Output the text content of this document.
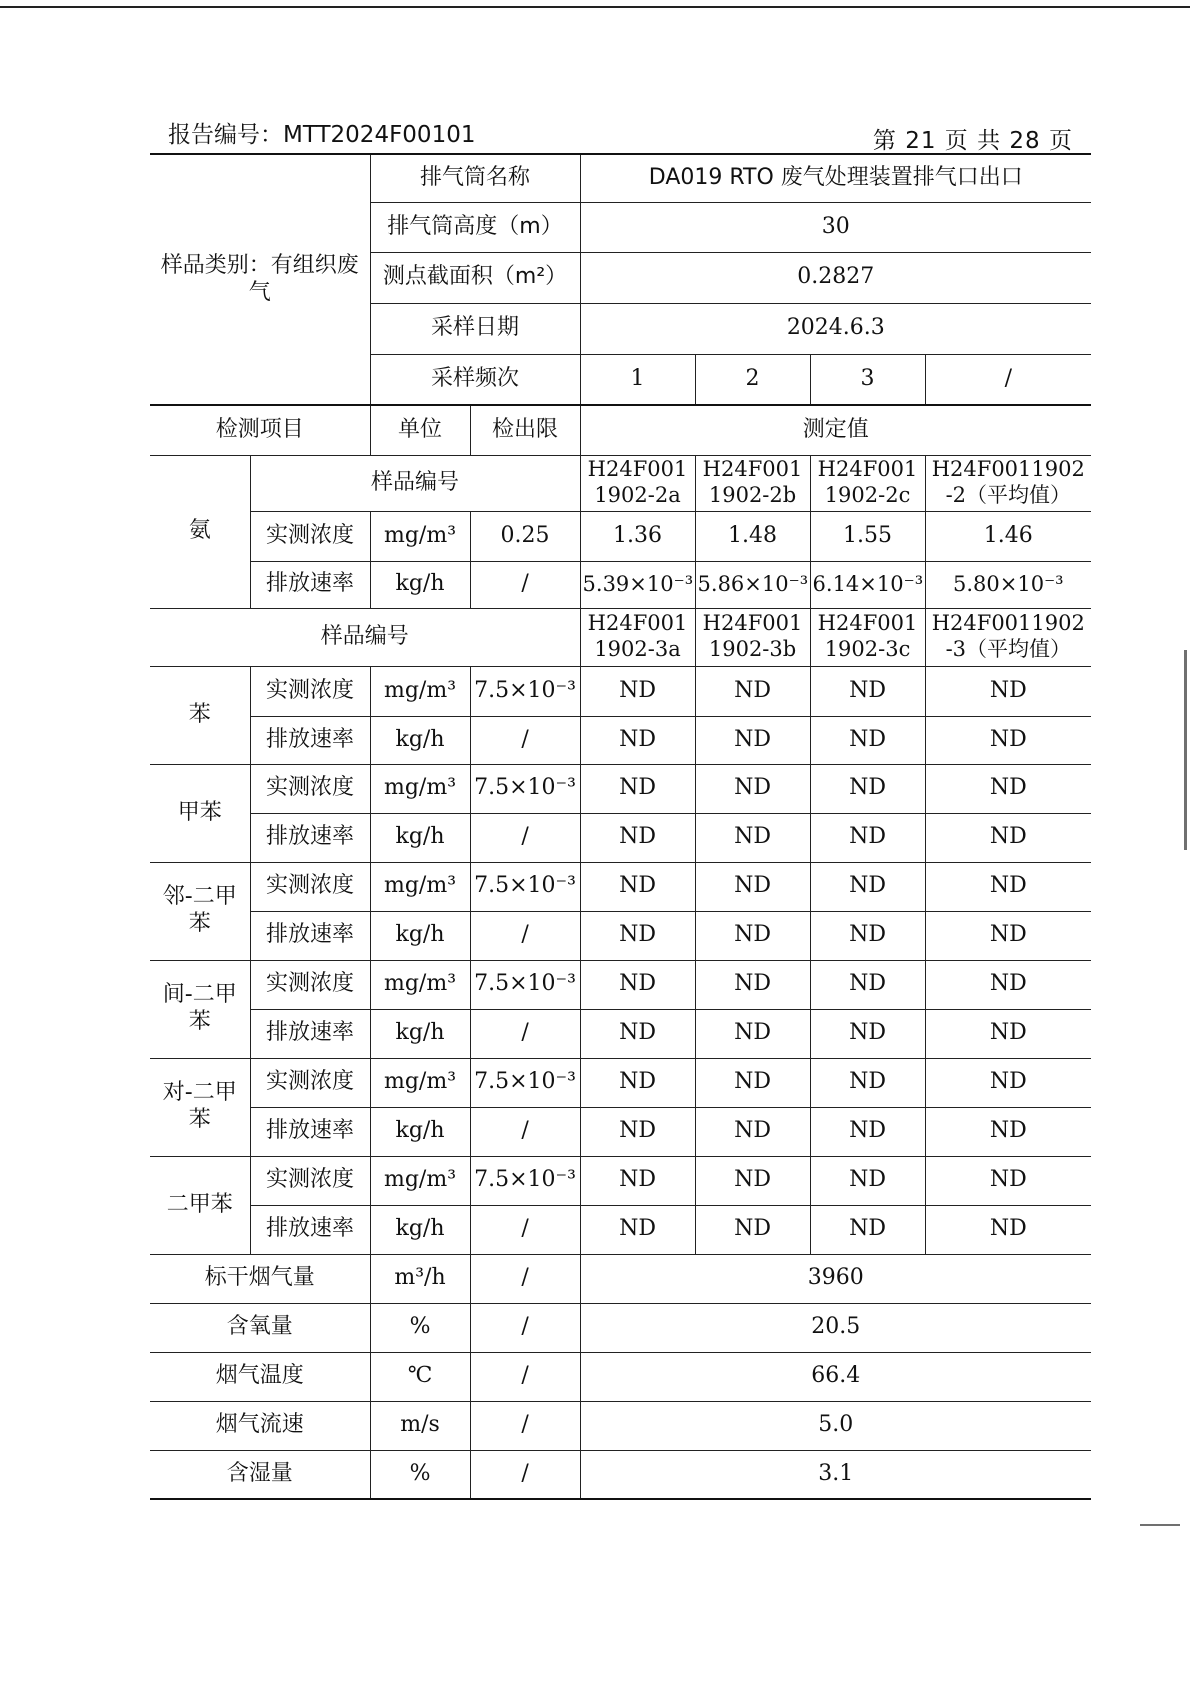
报告编号：MTT2024F00101	第 21 页 共 28 页
样品类别：有组织废气		排气筒名称		DA019 RTO 废气处理装置排气口出口			
		排气筒高度（m）		30			
		测点截面积（m²）		0.2827			
		采样日期		2024.6.3			
		采样频次		1	2	3	/
检测项目		单位	检出限	测定值			
氨	样品编号			H24F001 1902-2a	H24F001 1902-2b	H24F001 1902-2c	H24F0011902 -2（平均值）
	实测浓度	mg/m³	0.25	1.36	1.48	1.55	1.46
	排放速率	kg/h	/	5.39×10⁻³	5.86×10⁻³	6.14×10⁻³	5.80×10⁻³
样品编号				H24F001 1902-3a	H24F001 1902-3b	H24F001 1902-3c	H24F0011902 -3（平均值）
苯	实测浓度	mg/m³	7.5×10⁻³	ND	ND	ND	ND
	排放速率	kg/h	/	ND	ND	ND	ND
甲苯	实测浓度	mg/m³	7.5×10⁻³	ND	ND	ND	ND
	排放速率	kg/h	/	ND	ND	ND	ND
邻-二甲苯	实测浓度	mg/m³	7.5×10⁻³	ND	ND	ND	ND
	排放速率	kg/h	/	ND	ND	ND	ND
间-二甲苯	实测浓度	mg/m³	7.5×10⁻³	ND	ND	ND	ND
	排放速率	kg/h	/	ND	ND	ND	ND
对-二甲苯	实测浓度	mg/m³	7.5×10⁻³	ND	ND	ND	ND
	排放速率	kg/h	/	ND	ND	ND	ND
二甲苯	实测浓度	mg/m³	7.5×10⁻³	ND	ND	ND	ND
	排放速率	kg/h	/	ND	ND	ND	ND
标干烟气量		m³/h	/	3960			
含氧量		%	/	20.5			
烟气温度		℃	/	66.4			
烟气流速		m/s	/	5.0			
含湿量		%	/	3.1			
